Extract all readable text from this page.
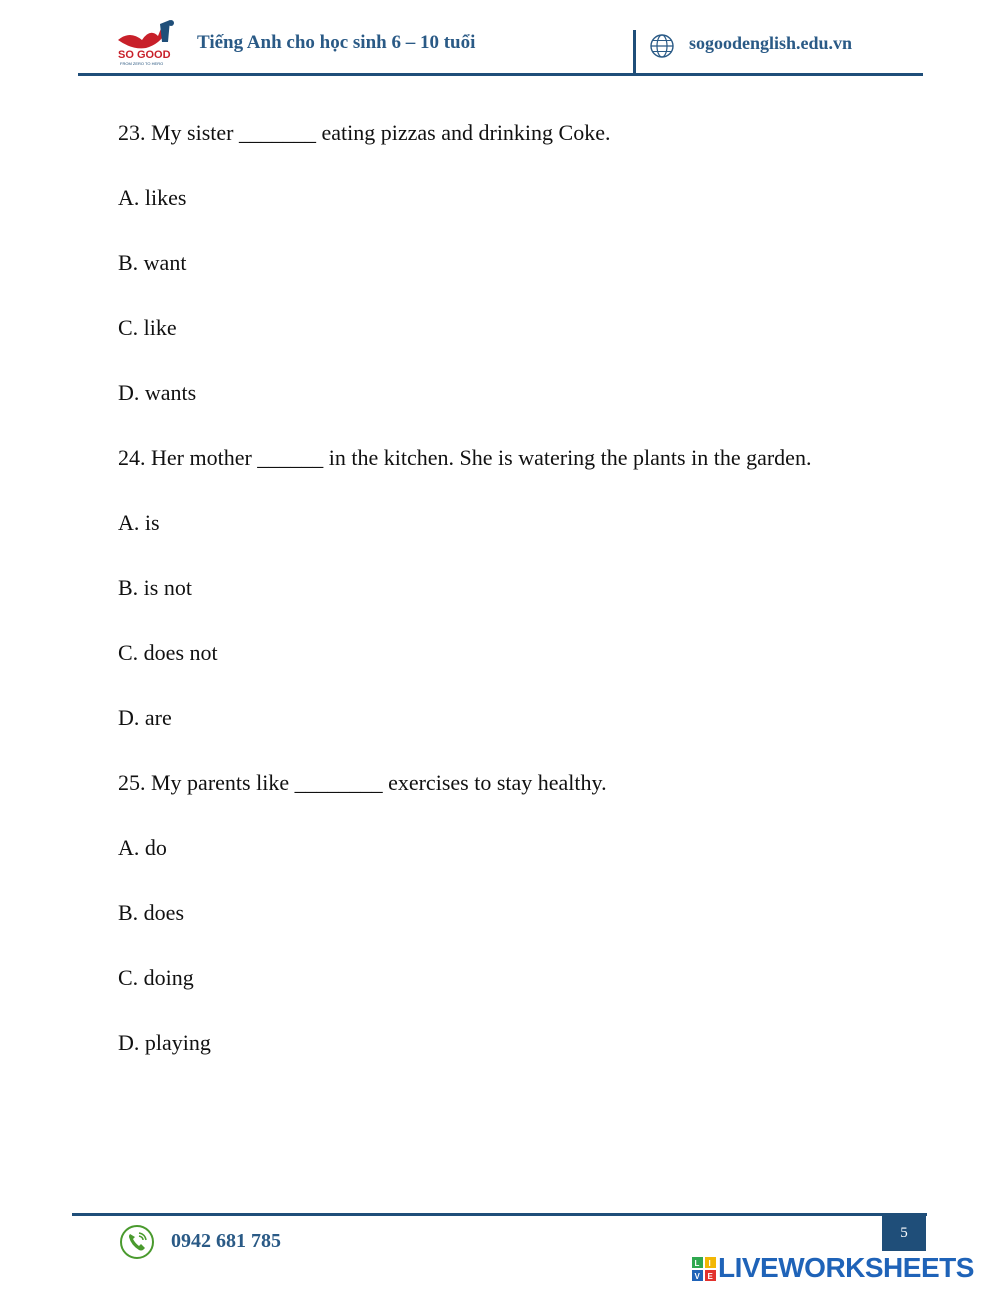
SO GOOD
FROM ZERO TO HERO
Tiếng Anh cho học sinh 6 – 10 tuổi	sogoodenglish.edu.vn
23. My sister _______ eating pizzas and drinking Coke.
A. likes
B. want
C. like
D. wants
24. Her mother ______ in the kitchen. She is watering the plants in the garden.
A. is
B. is not
C. does not
D. are
25. My parents like ________ exercises to stay healthy.
A. do
B. does
C. doing
D. playing
5
0942 681 785
L I
V E LIVEWORKSHEETS
